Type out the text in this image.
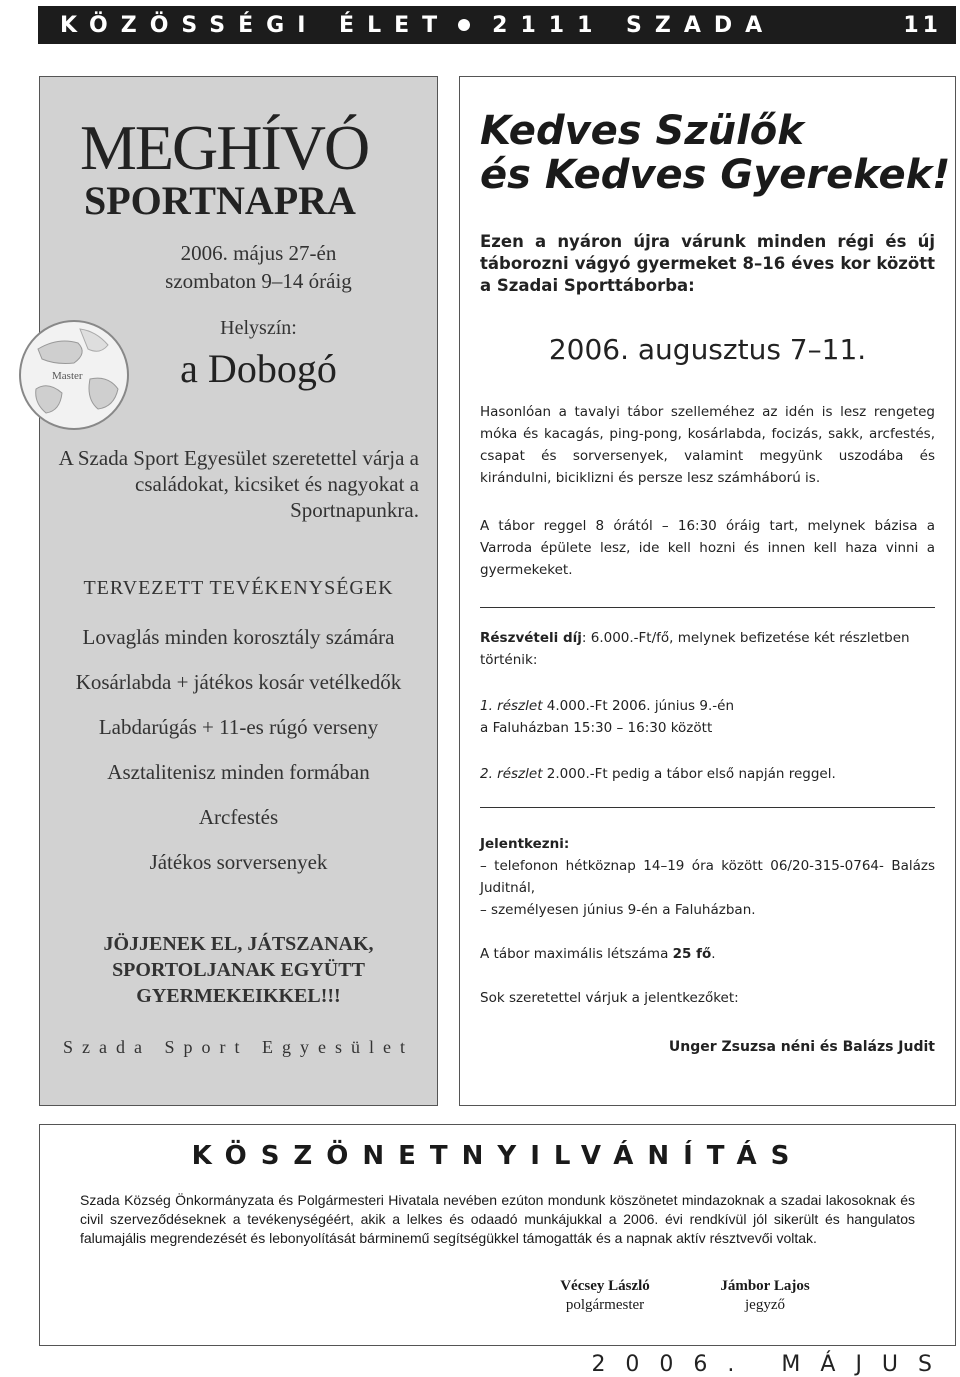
KÖZÖSSÉGI ÉLET 2111 SZADA	11
Master
MEGHÍVÓ
SPORTNAPRA
2006. május 27-én
szombaton 9–14 óráig
Helyszín:
a Dobogó
A Szada Sport Egyesület szeretettel várja a családokat, kicsiket és nagyokat a Sportnapunkra.
TERVEZETT TEVÉKENYSÉGEK
Lovaglás minden korosztály számára
Kosárlabda + játékos kosár vetélkedők
Labdarúgás + 11-es rúgó verseny
Asztalitenisz minden formában
Arcfestés
Játékos sorversenyek
JÖJJENEK EL, JÁTSZANAK,
SPORTOLJANAK EGYÜTT
GYERMEKEIKKEL!!!
Szada Sport Egyesület
Kedves Szülők
és Kedves Gyerekek!
Ezen a nyáron újra várunk minden régi és új táborozni vágyó gyermeket 8–16 éves kor között a Szadai Sporttáborba:
2006. augusztus 7–11.
Hasonlóan a tavalyi tábor szelleméhez az idén is lesz rengeteg móka és kacagás, ping-pong, kosárlabda, focizás, sakk, arcfestés, csapat és sorversenyek, valamint megyünk uszodába és kirándulni, biciklizni és persze lesz számháború is.
A tábor reggel 8 órától – 16:30 óráig tart, melynek bázisa a Varroda épülete lesz, ide kell hozni és innen kell haza vinni a gyermekeket.
Részvételi díj: 6.000.-Ft/fő, melynek befizetése két részletben történik:
1. részlet 4.000.-Ft 2006. június 9.-én
a Faluházban 15:30 – 16:30 között
2. részlet 2.000.-Ft pedig a tábor első napján reggel.
Jelentkezni:
– telefonon hétköznap 14–19 óra között 06/20-315-0764- Balázs Juditnál,
– személyesen június 9-én a Faluházban.
A tábor maximális létszáma 25 fő.
Sok szeretettel várjuk a jelentkezőket:
Unger Zsuzsa néni és Balázs Judit
KÖSZÖNETNYILVÁNÍTÁS
Szada Község Önkormányzata és Polgármesteri Hivatala nevében ezúton mondunk köszönetet mindazoknak a szadai lakosoknak és civil szerveződéseknek a tevékenységéért, akik a lelkes és odaadó munkájukkal a 2006. évi rendkívül jól sikerült és hangulatos falumajális megrendezését és lebonyolítását bárminemű segítségükkel támogatták és a napnak aktív résztvevői voltak.
Vécsey László
polgármester
Jámbor Lajos
jegyző
2006. MÁJUS
